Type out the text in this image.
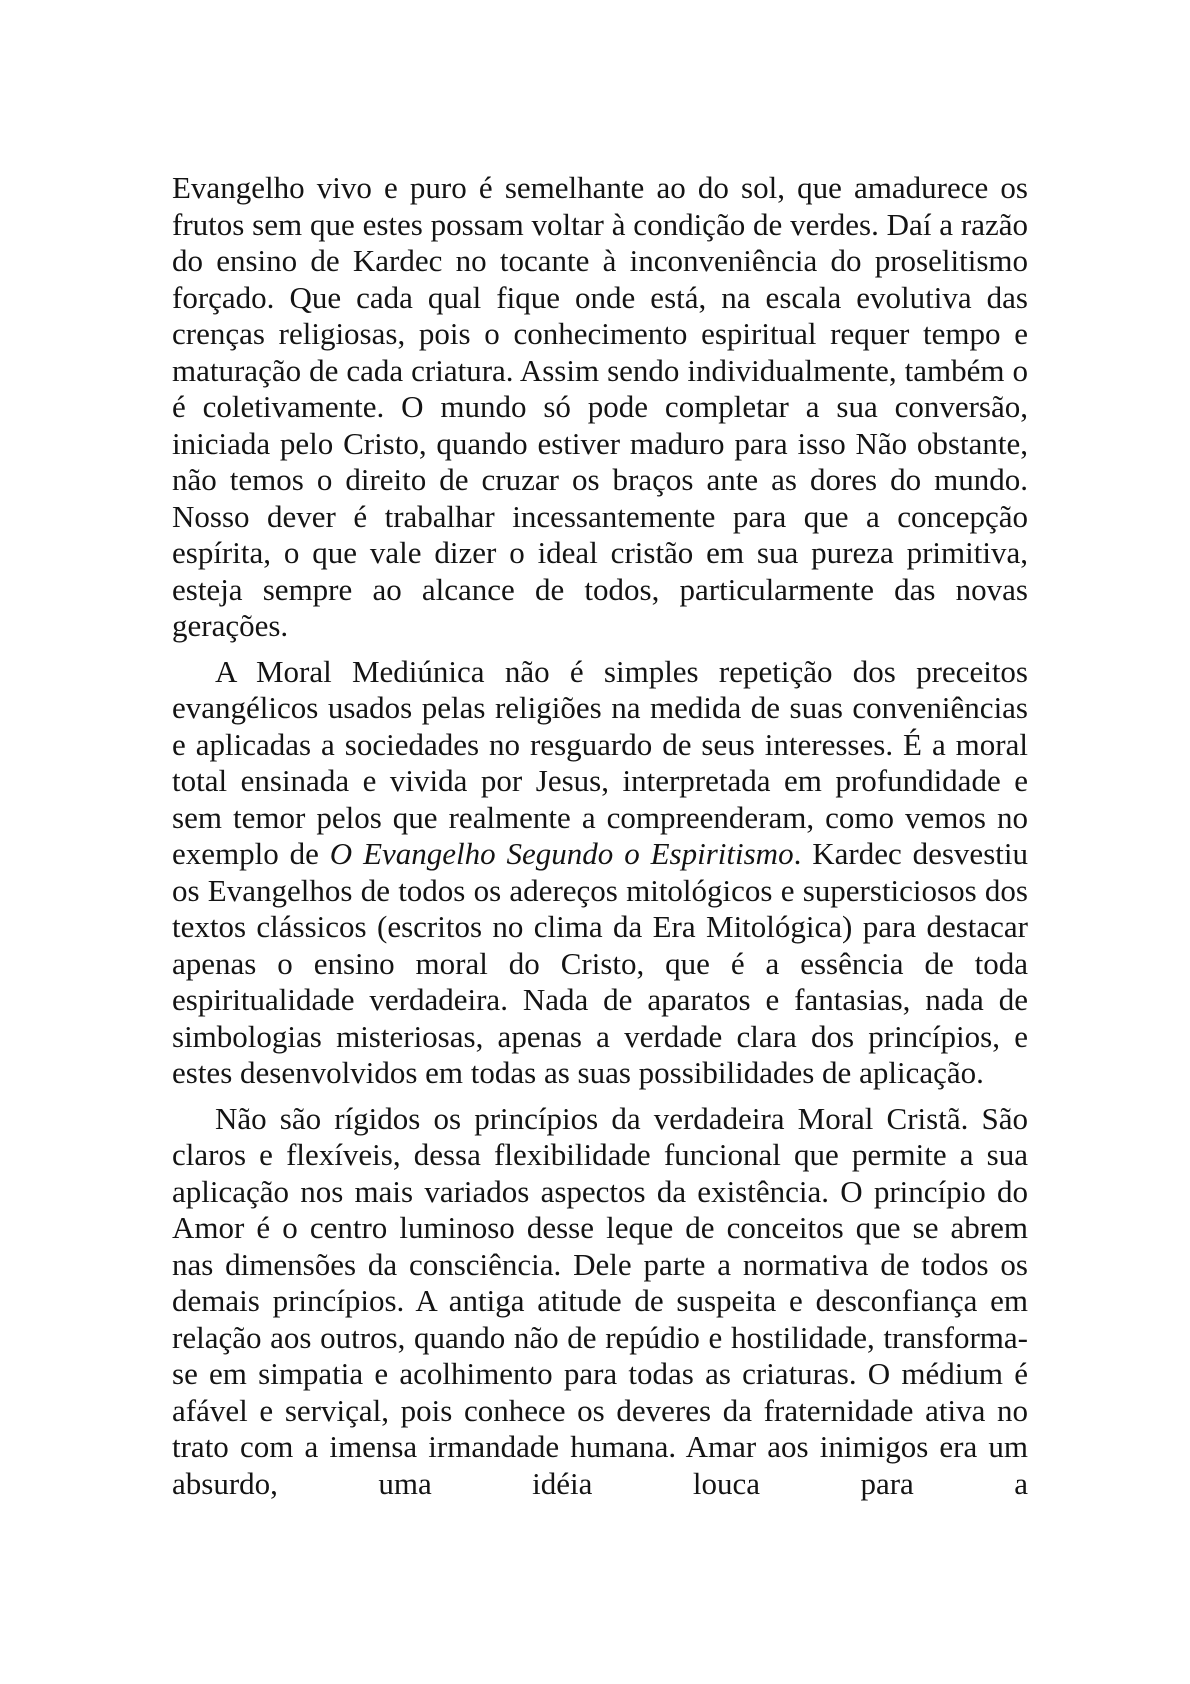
Evangelho vivo e puro é semelhante ao do sol, que amadurece os frutos sem que estes possam voltar à condição de verdes. Daí a razão do ensino de Kardec no tocante à inconveniência do proselitismo forçado. Que cada qual fique onde está, na escala evolutiva das crenças religiosas, pois o conhecimento espiritual requer tempo e maturação de cada criatura. Assim sendo individualmente, também o é coletivamente. O mundo só pode completar a sua conversão, iniciada pelo Cristo, quando estiver maduro para isso Não obstante, não temos o direito de cruzar os braços ante as dores do mundo. Nosso dever é trabalhar incessantemente para que a concepção espírita, o que vale dizer o ideal cristão em sua pureza primitiva, esteja sempre ao alcance de todos, particularmente das novas gerações.

A Moral Mediúnica não é simples repetição dos preceitos evangélicos usados pelas religiões na medida de suas conveniências e aplicadas a sociedades no resguardo de seus interesses. É a moral total ensinada e vivida por Jesus, interpretada em profundidade e sem temor pelos que realmente a compreenderam, como vemos no exemplo de O Evangelho Segundo o Espiritismo. Kardec desvestiu os Evangelhos de todos os adereços mitológicos e supersticiosos dos textos clássicos (escritos no clima da Era Mitológica) para destacar apenas o ensino moral do Cristo, que é a essência de toda espiritualidade verdadeira. Nada de aparatos e fantasias, nada de simbologias misteriosas, apenas a verdade clara dos princípios, e estes desenvolvidos em todas as suas possibilidades de aplicação.

Não são rígidos os princípios da verdadeira Moral Cristã. São claros e flexíveis, dessa flexibilidade funcional que permite a sua aplicação nos mais variados aspectos da existência. O princípio do Amor é o centro luminoso desse leque de conceitos que se abrem nas dimensões da consciência. Dele parte a normativa de todos os demais princípios. A antiga atitude de suspeita e desconfiança em relação aos outros, quando não de repúdio e hostilidade, transforma-se em simpatia e acolhimento para todas as criaturas. O médium é afável e serviçal, pois conhece os deveres da fraternidade ativa no trato com a imensa irmandade humana. Amar aos inimigos era um absurdo, uma idéia louca para a
